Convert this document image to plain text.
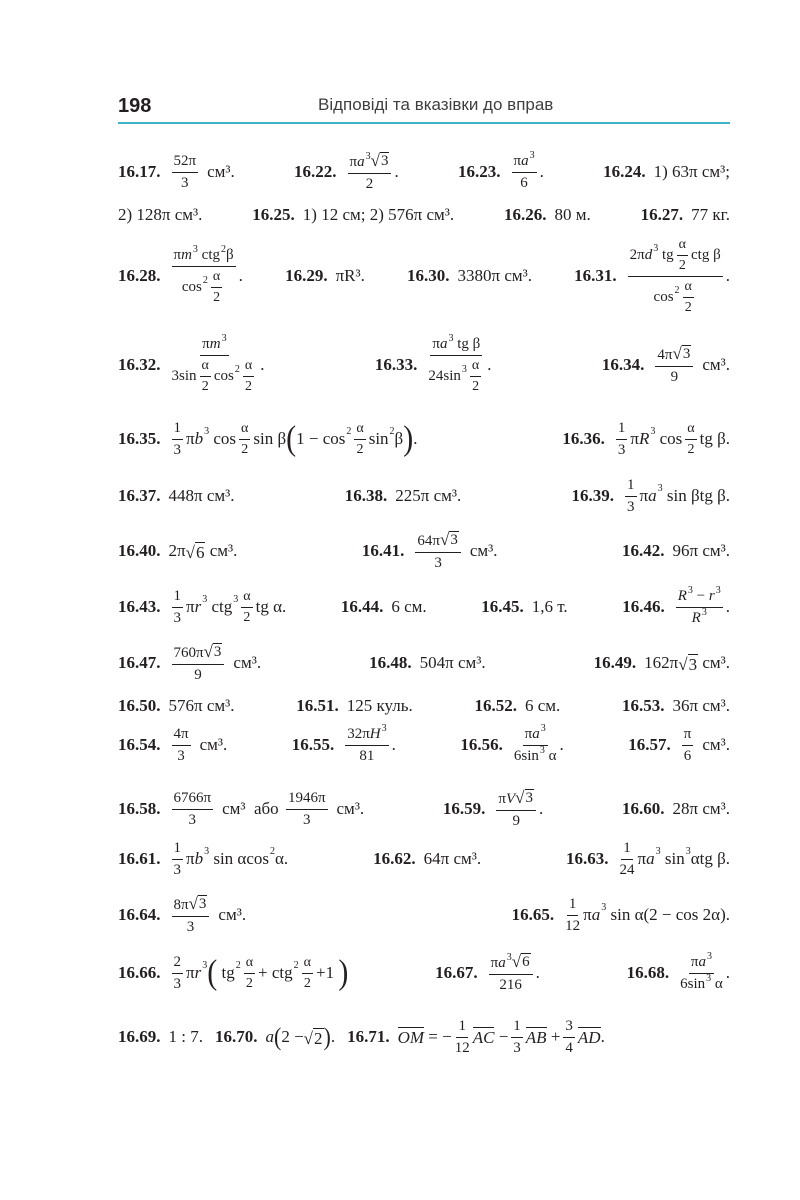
198	Відповіді та вказівки до вправ
16.17. $\frac{52\pi}{3} см^3$.	16.22. $\frac{\pi a^3 √ 3}{2}$ .	16.23. $\frac{\pi a^3}{6}$ .	16.24. 1) 63π
см³;
2) 128π
см³.	16.25. 1) 12 см; 2) 576π см³.	16.26. 80
м.	16.27. 77
кг.
16.28. $\frac{\pi m^3 ctg^2\beta}{\cos^2 \frac{\alpha}{2}}$ . 16.29. πR³. 16.30. 3380π см³. 16.31. $\frac{2\pi d^3 tg \frac{\alpha}{2} ctg \beta}{\cos^2 \frac{\alpha}{2}}$ .
16.32. $\frac{\pi m^3}{3\sin \frac{\alpha}{2} \cos^2 \frac{\alpha}{2}}$ .	16.33. $\frac{\pi a^3 tg \beta}{24\sin^3 \frac{\alpha}{2}}$ .	16.34. $\frac{4\pi √ 3}{9} см^3$.
16.35. $\frac{1}{3}$ π b 3 $\cos \frac{\alpha}{2}$ sin β ( $1 - \cos 2 \frac{\alpha}{2}$ sin 2 β ) .	16.36. $\frac{1}{3}$ π R 3 $\cos \frac{\alpha}{2}$ tg β.
16.37. 448π см³.	16.38. 225π см³.	16.39. $\frac{1}{3}$ π a 3 sin βtg β.
16.40. 2π √ 6
см³.	16.41. $\frac{64\pi √ 3}{3} см^3$.	16.42. 96π см³.
16.43. $\frac{1}{3}$ π r 3 ctg $3 \frac{\alpha}{2}$ tg α.	16.44. 6 см.	16.45. 1,6
т.	16.46. $\frac{R^3 - r^3}{R^3}$ .
16.47. $\frac{760\pi √ 3}{9} см^3$.	16.48. 504π см³.	16.49. 162π √ 3
см³.
16.50. 576π см³.	16.51. 125
куль.	16.52. 6 см.	16.53. 36π см³.
16.54. $\frac{4\pi}{3} см^3$.	16.55. $\frac{32\pi H^3}{81}$ .	16.56. $\frac{\pi a^3}{6\sin^3 \alpha}$ .	16.57. $\frac{\pi}{6} см^3$.
16.58. $\frac{6766\pi}{3} см^3$
або
$\frac{1946\pi}{3} см^3$.	16.59. $\frac{\pi V √ 3}{9}$ .	16.60. 28π см³.
16.61. $\frac{1}{3}$ π b 3 sin αcos 2 α.	16.62. 64π см³.	16.63. $\frac{1}{24}$ π a 3 sin 3 αtg β.
16.64. $\frac{8\pi √ 3}{3} см^3$.	16.65. $\frac{1}{12}$ π a 3 sin α(2 − cos 2α).
16.66. $\frac{2}{3}$ π r 3 ( tg $2 \frac{\alpha}{2}$ + ctg $2 \frac{\alpha}{2} +1$ )	16.67. $\frac{\pi a^3 √ 6}{216}$ .	16.68. $\frac{\pi a^3}{6\sin^3 \alpha}$ .
16.69. 1 : 7. 16.70. a ( 2 − √ 2 ) . 16.71. OM = − $\frac{1}{12}$ AC − $\frac{1}{3}$ AB + $\frac{3}{4}$ AD .
